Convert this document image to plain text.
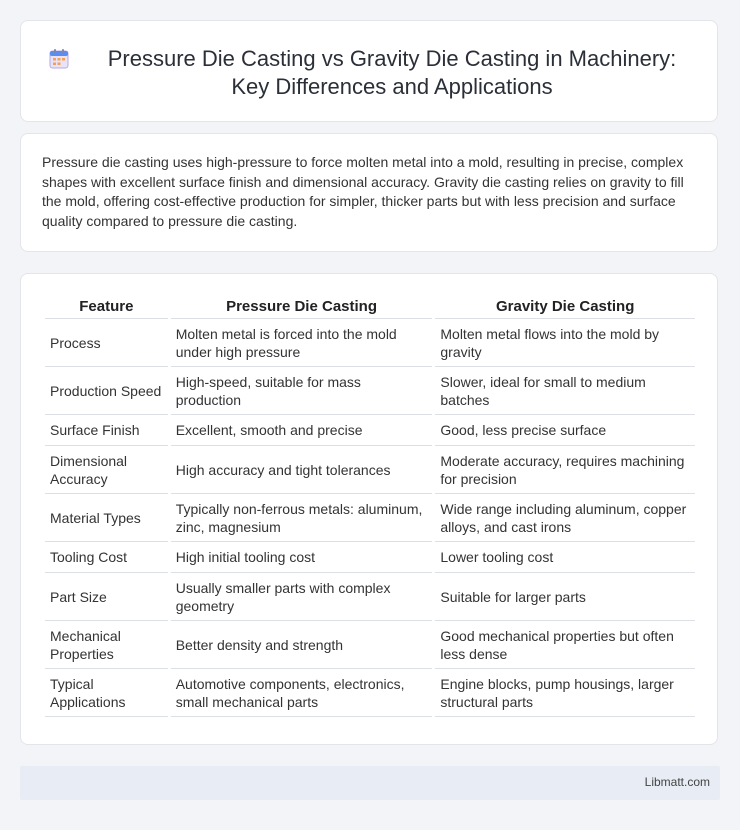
Pressure Die Casting vs Gravity Die Casting in Machinery: Key Differences and Applications

Pressure die casting uses high-pressure to force molten metal into a mold, resulting in precise, complex shapes with excellent surface finish and dimensional accuracy. Gravity die casting relies on gravity to fill the mold, offering cost-effective production for simpler, thicker parts but with less precision and surface quality compared to pressure die casting.

Feature	Pressure Die Casting	Gravity Die Casting
Process	Molten metal is forced into the mold under high pressure	Molten metal flows into the mold by gravity
Production Speed	High-speed, suitable for mass production	Slower, ideal for small to medium batches
Surface Finish	Excellent, smooth and precise	Good, less precise surface
Dimensional Accuracy	High accuracy and tight tolerances	Moderate accuracy, requires machining for precision
Material Types	Typically non-ferrous metals: aluminum, zinc, magnesium	Wide range including aluminum, copper alloys, and cast irons
Tooling Cost	High initial tooling cost	Lower tooling cost
Part Size	Usually smaller parts with complex geometry	Suitable for larger parts
Mechanical Properties	Better density and strength	Good mechanical properties but often less dense
Typical Applications	Automotive components, electronics, small mechanical parts	Engine blocks, pump housings, larger structural parts
Libmatt.com
